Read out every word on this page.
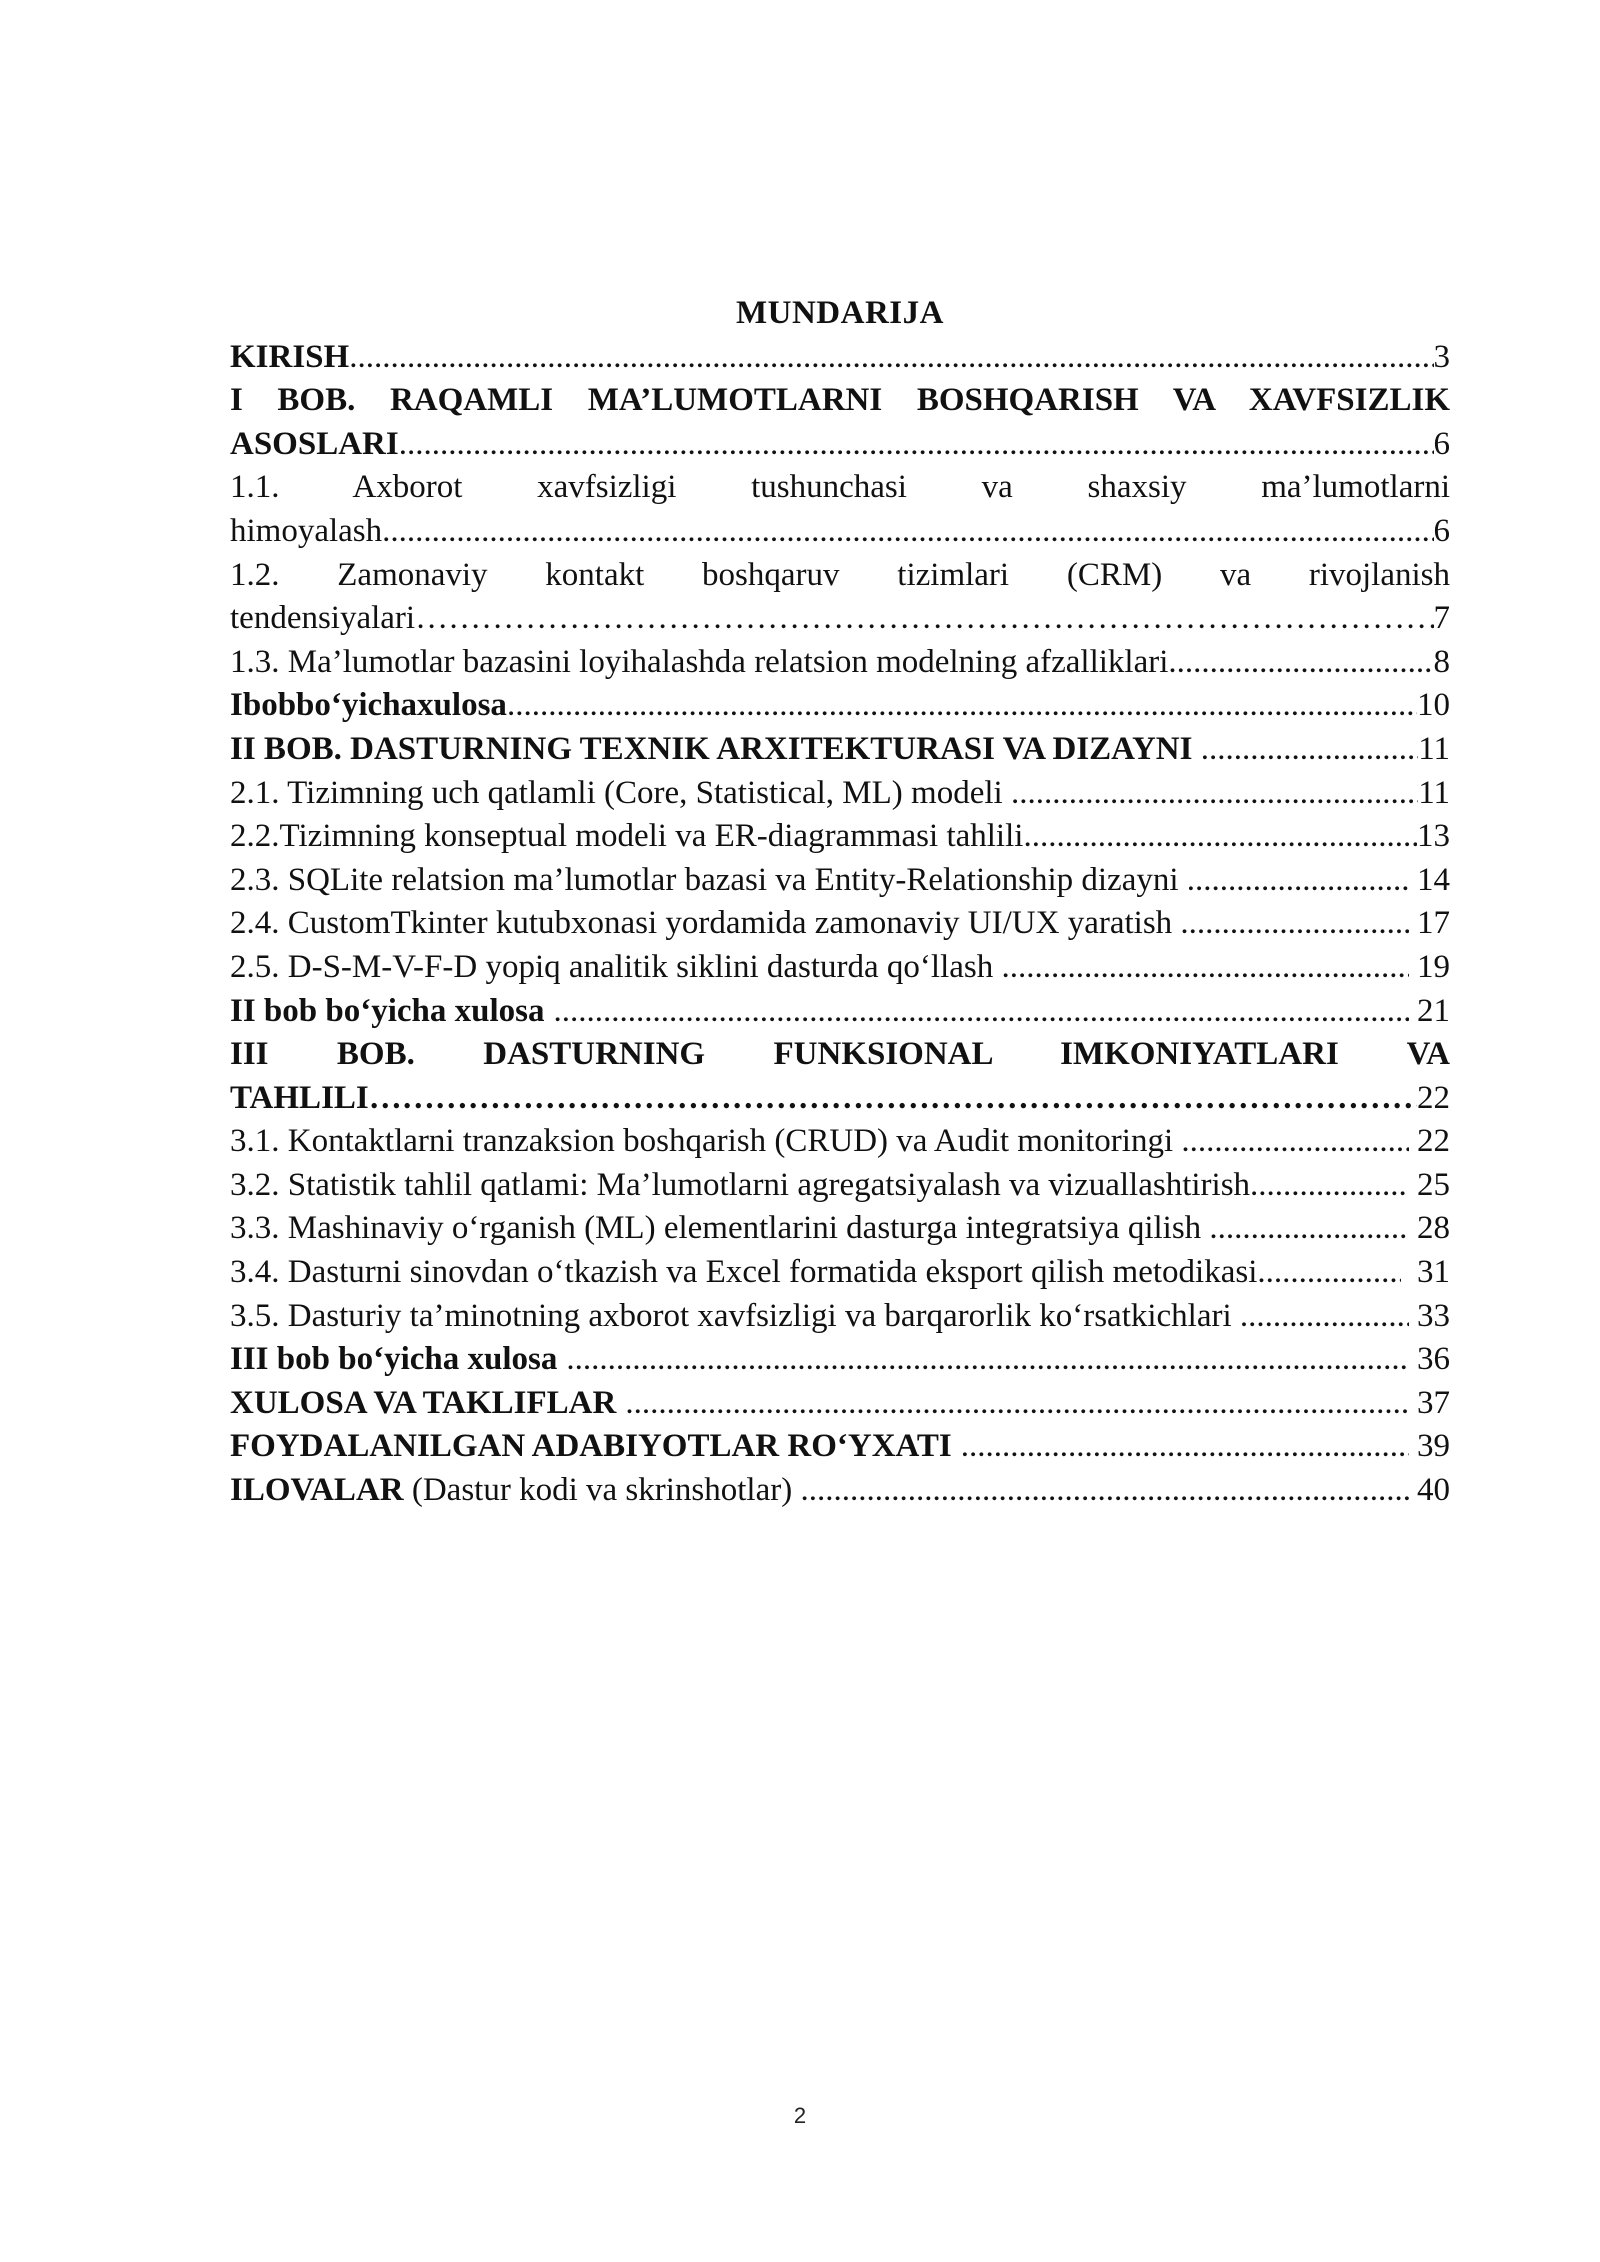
MUNDARIJA
KIRISH .....	3
I BOB. RAQAMLI MA’LUMOTLARNI BOSHQARISH VA XAVFSIZLIK
ASOSLARI .....	6
1.1. Axborot xavfsizligi tushunchasi va shaxsiy ma’lumotlarni
himoyalash .....	6
1.2. Zamonaviy kontakt boshqaruv tizimlari (CRM) va rivojlanish
tendensiyalari ………………………………………………………………………………………………………………………………………………………………………………………………………………………………	7
1.3. Ma’lumotlar bazasini loyihalashda relatsion modelning afzalliklari .....	8
Ibobbo‘yichaxulosa .....	10
II BOB. DASTURNING TEXNIK ARXITEKTURASI VA DIZAYNI .....	11
2.1. Tizimning uch qatlamli (Core, Statistical, ML) modeli .....	11
2.2.Tizimning konseptual modeli va ER-diagrammasi tahlili .....	13
2.3. SQLite relatsion ma’lumotlar bazasi va Entity-Relationship dizayni .....	14
2.4. CustomTkinter kutubxonasi yordamida zamonaviy UI/UX yaratish .....	17
2.5. D-S-M-V-F-D yopiq analitik siklini dasturda qo‘llash .....	19
II bob bo‘yicha xulosa .....	21
III BOB. DASTURNING FUNKSIONAL IMKONIYATLARI VA
TAHLILI ………………………………………………………………………………………………………………………………………………………………………………………………………………………………	22
3.1. Kontaktlarni tranzaksion boshqarish (CRUD) va Audit monitoringi .....	22
3.2. Statistik tahlil qatlami: Ma’lumotlarni agregatsiyalash va vizuallashtirish .....	25
3.3. Mashinaviy o‘rganish (ML) elementlarini dasturga integratsiya qilish .....	28
3.4. Dasturni sinovdan o‘tkazish va Excel formatida eksport qilish metodikasi .....	31
3.5. Dasturiy ta’minotning axborot xavfsizligi va barqarorlik ko‘rsatkichlari .....	33
III bob bo‘yicha xulosa .....	36
XULOSA VA TAKLIFLAR .....	37
FOYDALANILGAN ADABIYOTLAR RO‘YXATI .....	39
ILOVALAR (Dastur kodi va skrinshotlar) .....	40
2
